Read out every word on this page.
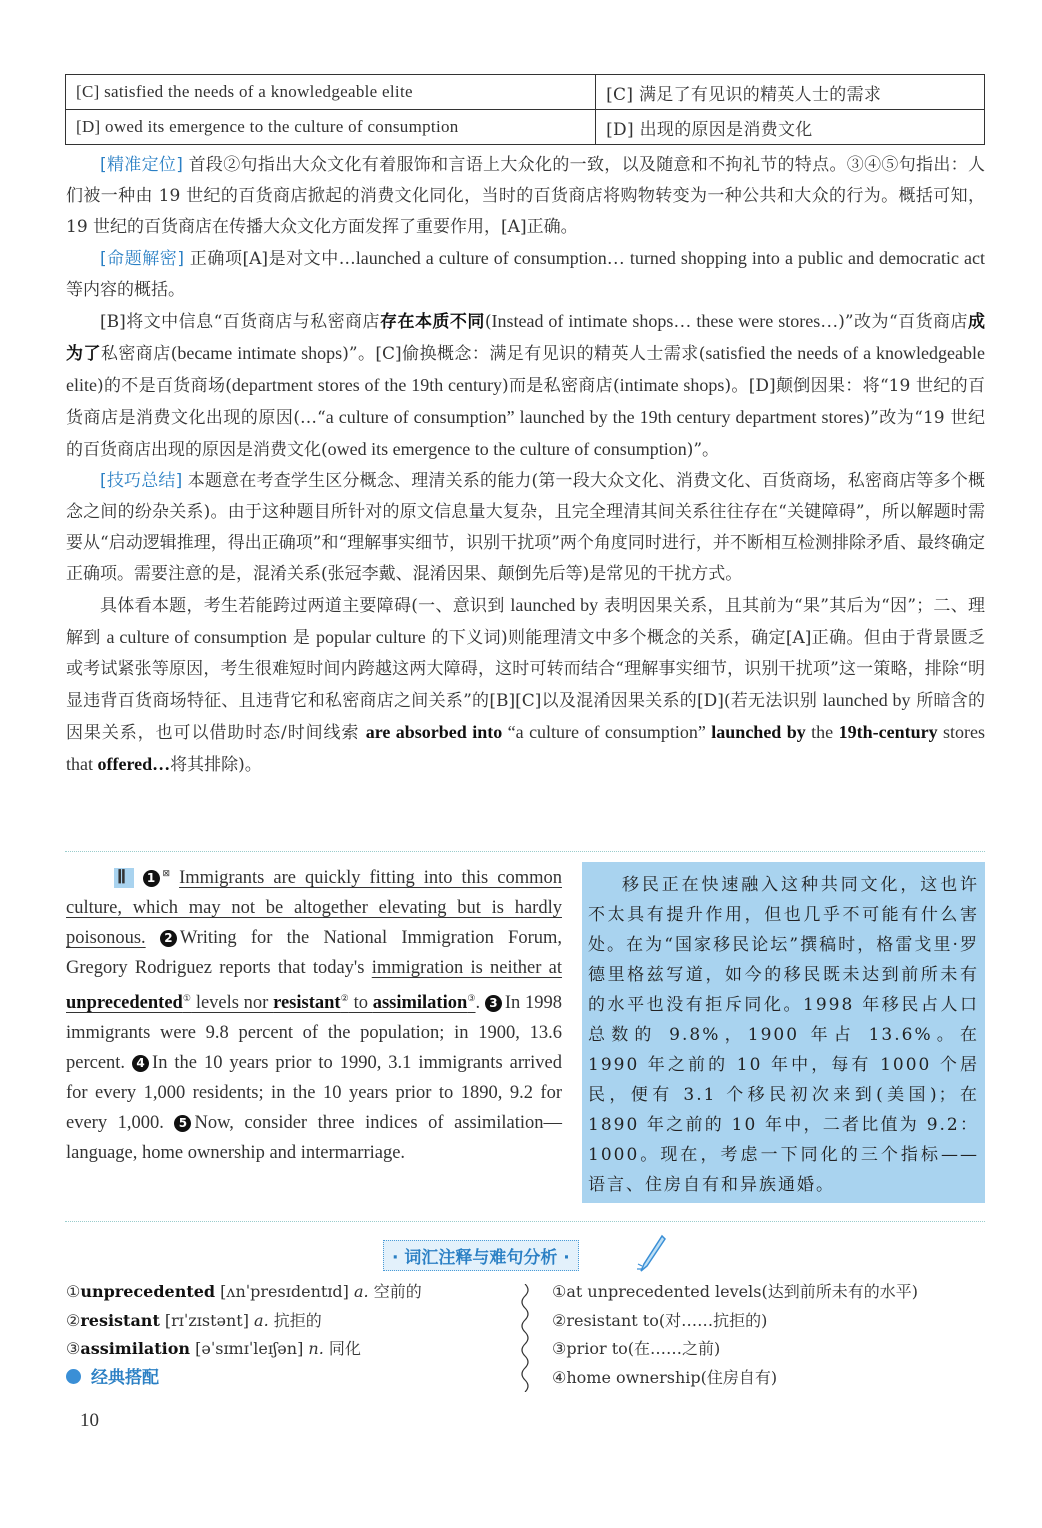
[C] satisfied the needs of a knowledgeable elite	[C] 满足了有见识的精英人士的需求
[D] owed its emergence to the culture of consumption	[D] 出现的原因是消费文化

[精准定位] 首段②句指出大众文化有着服饰和言语上大众化的一致，以及随意和不拘礼节的特点。③④⑤句指出：人们被一种由 19 世纪的百货商店掀起的消费文化同化，当时的百货商店将购物转变为一种公共和大众的行为。概括可知，19 世纪的百货商店在传播大众文化方面发挥了重要作用，[A]正确。

[命题解密] 正确项[A]是对文中…launched a culture of consumption… turned shopping into a public and democratic act 等内容的概括。

[B]将文中信息“百货商店与私密商店存在本质不同(Instead of intimate shops… these were stores…)”改为“百货商店成为了私密商店(became intimate shops)”。[C]偷换概念：满足有见识的精英人士需求(satisfied the needs of a knowledgeable elite)的不是百货商场(department stores of the 19th century)而是私密商店(intimate shops)。[D]颠倒因果：将“19 世纪的百货商店是消费文化出现的原因(…“a culture of consumption” launched by the 19th century department stores)”改为“19 世纪的百货商店出现的原因是消费文化(owed its emergence to the culture of consumption)”。

[技巧总结] 本题意在考查学生区分概念、理清关系的能力(第一段大众文化、消费文化、百货商场，私密商店等多个概念之间的纷杂关系)。由于这种题目所针对的原文信息量大复杂，且完全理清其间关系往往存在“关键障碍”，所以解题时需要从“启动逻辑推理，得出正确项”和“理解事实细节，识别干扰项”两个角度同时进行，并不断相互检测排除矛盾、最终确定正确项。需要注意的是，混淆关系(张冠李戴、混淆因果、颠倒先后等)是常见的干扰方式。

具体看本题，考生若能跨过两道主要障碍(一、意识到 launched by 表明因果关系，且其前为“果”其后为“因”；二、理解到 a culture of consumption 是 popular culture 的下义词)则能理清文中多个概念的关系，确定[A]正确。但由于背景匮乏或考试紧张等原因，考生很难短时间内跨越这两大障碍，这时可转而结合“理解事实细节，识别干扰项”这一策略，排除“明显违背百货商场特征、且违背它和私密商店之间关系”的[B][C]以及混淆因果关系的[D](若无法识别 launched by 所暗含的因果关系，也可以借助时态/时间线索 are absorbed into “a culture of consumption” launched by the 19th-century stores that offered…将其排除)。

Ⅱ 1 ⊠ Immigrants are quickly fitting into this common culture, which may not be altogether elevating but is hardly poisonous. 2 Writing for the National Immigration Forum, Gregory Rodriguez reports that today's immigration is neither at unprecedented① levels nor resistant② to assimilation③. 3 In 1998 immigrants were 9.8 percent of the population; in 1900, 13.6 percent. 4 In the 10 years prior to 1990, 3.1 immigrants arrived for every 1,000 residents; in the 10 years prior to 1890, 9.2 for every 1,000. 5 Now, consider three indices of assimilation—language, home ownership and intermarriage.

移民正在快速融入这种共同文化，这也许不太具有提升作用，但也几乎不可能有什么害处。在为“国家移民论坛”撰稿时，格雷戈里·罗德里格兹写道，如今的移民既未达到前所未有的水平也没有拒斥同化。1998 年移民占人口总数的 9.8%，1900 年占 13.6%。在 1990 年之前的 10 年中，每有 1000 个居民，便有 3.1 个移民初次来到(美国)；在 1890 年之前的 10 年中，二者比值为 9.2：1000。现在，考虑一下同化的三个指标——语言、住房自有和异族通婚。

· 词汇注释与难句分析 ·
①unprecedented [ʌnˈpresɪdentɪd] a. 空前的
②resistant [rɪˈzɪstənt] a. 抗拒的
③assimilation [əˈsɪmɪˈleɪʃən] n. 同化
经典搭配
①at unprecedented levels(达到前所未有的水平)
②resistant to(对……抗拒的)
③prior to(在……之前)
④home ownership(住房自有)
10
